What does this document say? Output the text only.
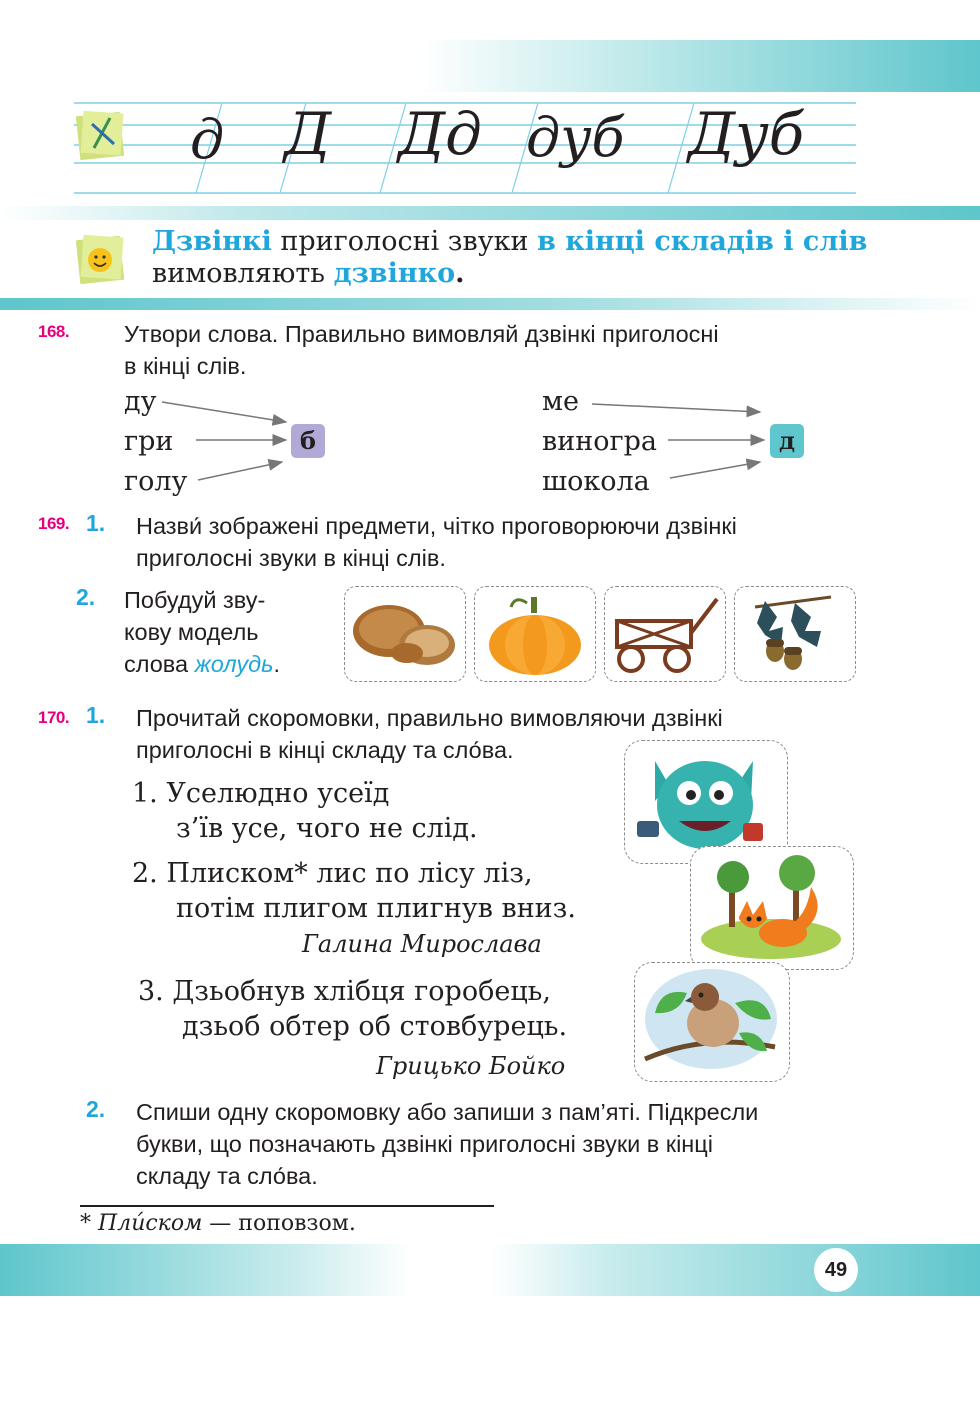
д Д Дд дуб Дуб
Дзвінкі приголосні звуки в кінці складів і слів
вимовляють дзвінко.
168. Утвори слова. Правильно вимовляй дзвінкі приголосні
в кінці слів.
ду
гри
голу
б
ме
виногра
шокола
д
169. 1. Назви́ зображені предмети, чітко проговорюючи дзвінкі
приголосні звуки в кінці слів.
2. Побудуй зву-
кову модель
слова жолудь.
170. 1. Прочитай скоромовки, правильно вимовляючи дзвінкі
приголосні в кінці складу та сло́ва.
1. Уселюдно усеїд
з’їв усе, чого не слід.
2. Плиском* лис по лісу ліз,
потім плигом плигнув вниз.
Галина Мирослава
3. Дзьобнув хлібця горобець,
дзьоб обтер об стовбурець.
Грицько Бойко
2. Спиши одну скоромовку або запиши з пам’яті. Підкресли
букви, що позначають дзвінкі приголосні звуки в кінці
складу та сло́ва.
* Пли́ском — поповзом.
49
